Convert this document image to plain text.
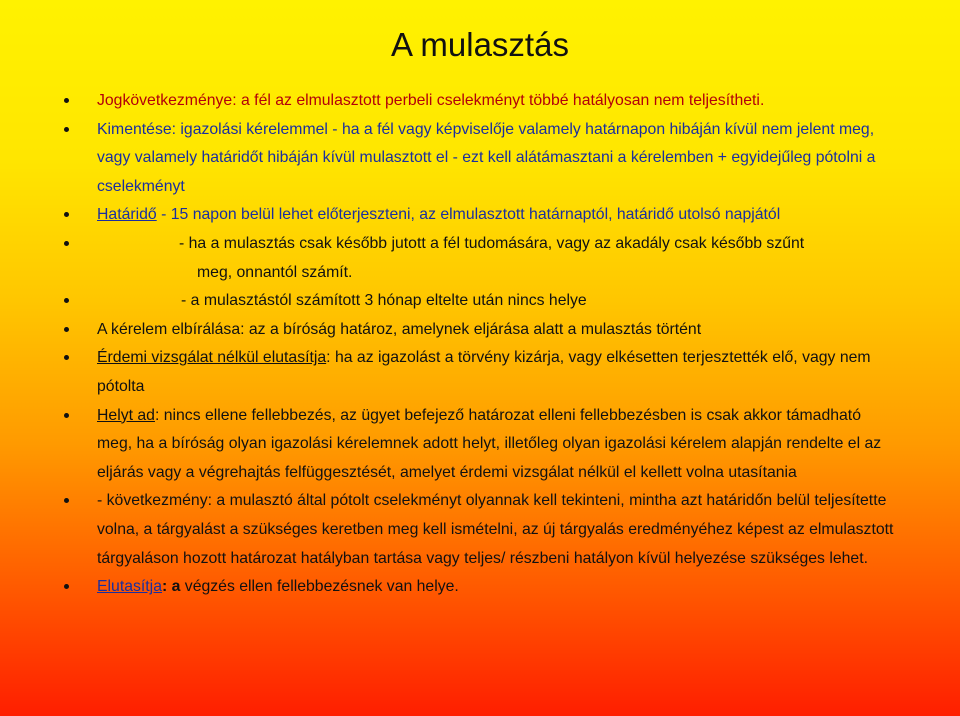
A mulasztás
Jogkövetkezménye: a fél az elmulasztott perbeli cselekményt többé hatályosan nem teljesítheti.
Kimentése: igazolási kérelemmel - ha a fél vagy képviselője valamely határnapon hibáján kívül nem jelent meg, vagy valamely határidőt hibáján kívül mulasztott el - ezt kell alátámasztani a kérelemben + egyidejűleg pótolni a cselekményt
Határidő - 15 napon belül lehet előterjeszteni, az elmulasztott határnaptól, határidő utolsó napjától
- ha a mulasztás csak később jutott a fél tudomására, vagy az akadály csak később szűnt
meg, onnantól számít.
- a mulasztástól számított 3 hónap eltelte után nincs helye
A kérelem elbírálása: az a bíróság határoz, amelynek eljárása alatt a mulasztás történt
Érdemi vizsgálat nélkül elutasítja: ha az igazolást a törvény kizárja, vagy elkésetten terjesztették elő, vagy nem pótolta
Helyt ad: nincs ellene fellebbezés, az ügyet befejező határozat elleni fellebbezésben is csak akkor támadható meg, ha a bíróság olyan igazolási kérelemnek adott helyt, illetőleg olyan igazolási kérelem alapján rendelte el az eljárás vagy a végrehajtás felfüggesztését, amelyet érdemi vizsgálat nélkül el kellett volna utasítania
- következmény: a mulasztó által pótolt cselekményt olyannak kell tekinteni, mintha azt határidőn belül teljesítette volna, a tárgyalást a szükséges keretben meg kell ismételni, az új tárgyalás eredményéhez képest az elmulasztott tárgyaláson hozott határozat hatályban tartása vagy teljes/ részbeni hatályon kívül helyezése szükséges lehet.
Elutasítja: a végzés ellen fellebbezésnek van helye.
